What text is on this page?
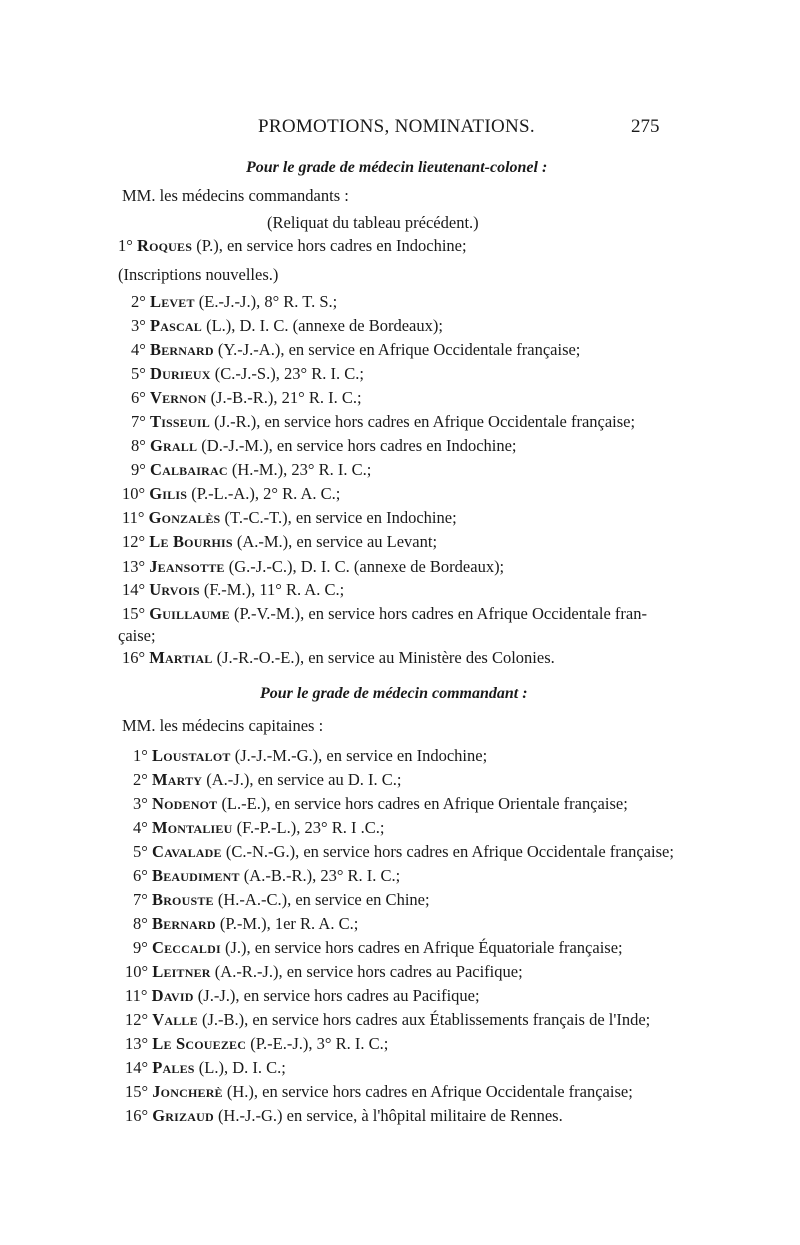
PROMOTIONS, NOMINATIONS.	275
Pour le grade de médecin lieutenant-colonel :
MM. les médecins commandants :
(Reliquat du tableau précédent.)
1° Roques (P.), en service hors cadres en Indochine;
(Inscriptions nouvelles.)
2° Levet (E.-J.-J.), 8° R. T. S.;
3° Pascal (L.), D. I. C. (annexe de Bordeaux);
4° Bernard (Y.-J.-A.), en service en Afrique Occidentale française;
5° Durieux (C.-J.-S.), 23° R. I. C.;
6° Vernon (J.-B.-R.), 21° R. I. C.;
7° Tisseuil (J.-R.), en service hors cadres en Afrique Occidentale française;
8° Grall (D.-J.-M.), en service hors cadres en Indochine;
9° Calbairac (H.-M.), 23° R. I. C.;
10° Gilis (P.-L.-A.), 2° R. A. C.;
11° Gonzalès (T.-C.-T.), en service en Indochine;
12° Le Bourhis (A.-M.), en service au Levant;
13° Jeansotte (G.-J.-C.), D. I. C. (annexe de Bordeaux);
14° Urvois (F.-M.), 11° R. A. C.;
15° Guillaume (P.-V.-M.), en service hors cadres en Afrique Occidentale fran-
çaise;
16° Martial (J.-R.-O.-E.), en service au Ministère des Colonies.
Pour le grade de médecin commandant :
MM. les médecins capitaines :
1° Loustalot (J.-J.-M.-G.), en service en Indochine;
2° Marty (A.-J.), en service au D. I. C.;
3° Nodenot (L.-E.), en service hors cadres en Afrique Orientale française;
4° Montalieu (F.-P.-L.), 23° R. I .C.;
5° Cavalade (C.-N.-G.), en service hors cadres en Afrique Occidentale française;
6° Beaudiment (A.-B.-R.), 23° R. I. C.;
7° Brouste (H.-A.-C.), en service en Chine;
8° Bernard (P.-M.), 1er R. A. C.;
9° Ceccaldi (J.), en service hors cadres en Afrique Équatoriale française;
10° Leitner (A.-R.-J.), en service hors cadres au Pacifique;
11° David (J.-J.), en service hors cadres au Pacifique;
12° Valle (J.-B.), en service hors cadres aux Établissements français de l'Inde;
13° Le Scouezec (P.-E.-J.), 3° R. I. C.;
14° Pales (L.), D. I. C.;
15° Joncherè (H.), en service hors cadres en Afrique Occidentale française;
16° Grizaud (H.-J.-G.) en service, à l'hôpital militaire de Rennes.
